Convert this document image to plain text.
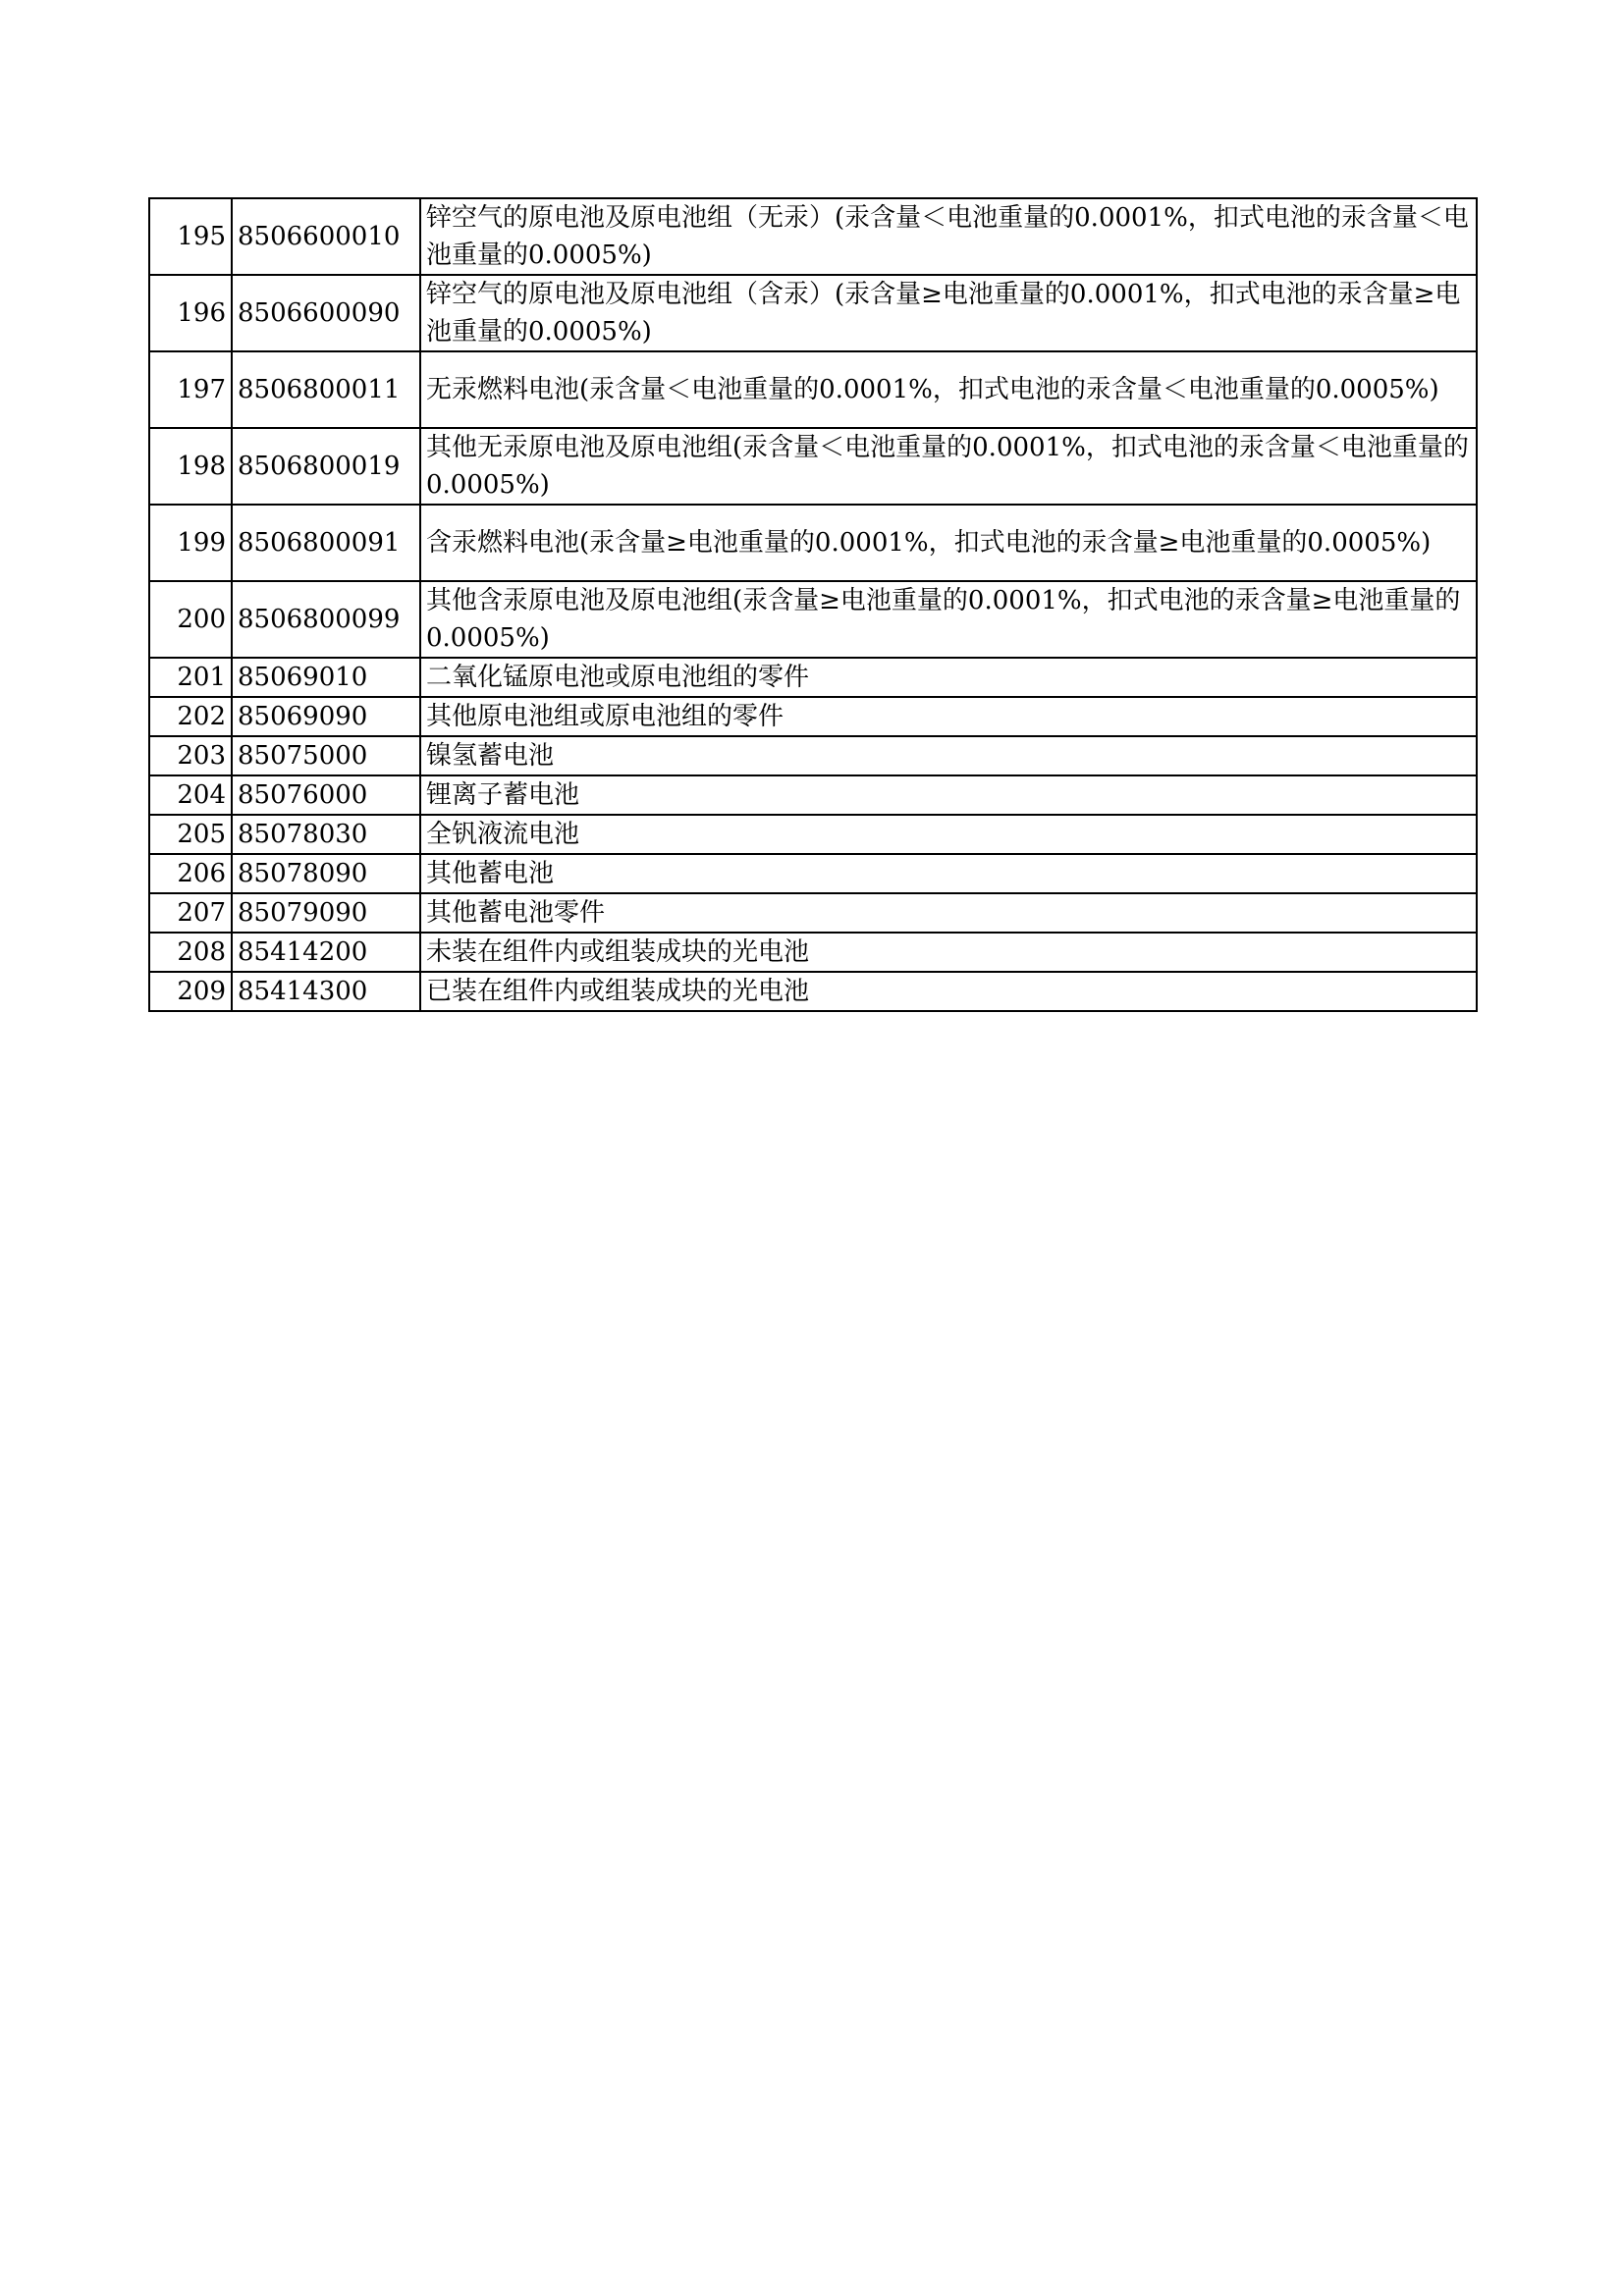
195	8506600010	锌空气的原电池及原电池组（无汞）(汞含量＜电池重量的0.0001%，扣式电池的汞含量＜电池重量的0.0005%)
196	8506600090	锌空气的原电池及原电池组（含汞）(汞含量≥电池重量的0.0001%，扣式电池的汞含量≥电池重量的0.0005%)
197	8506800011	无汞燃料电池(汞含量＜电池重量的0.0001%，扣式电池的汞含量＜电池重量的0.0005%)
198	8506800019	其他无汞原电池及原电池组(汞含量＜电池重量的0.0001%，扣式电池的汞含量＜电池重量的0.0005%)
199	8506800091	含汞燃料电池(汞含量≥电池重量的0.0001%，扣式电池的汞含量≥电池重量的0.0005%)
200	8506800099	其他含汞原电池及原电池组(汞含量≥电池重量的0.0001%，扣式电池的汞含量≥电池重量的0.0005%)
201	85069010	二氧化锰原电池或原电池组的零件
202	85069090	其他原电池组或原电池组的零件
203	85075000	镍氢蓄电池
204	85076000	锂离子蓄电池
205	85078030	全钒液流电池
206	85078090	其他蓄电池
207	85079090	其他蓄电池零件
208	85414200	未装在组件内或组装成块的光电池
209	85414300	已装在组件内或组装成块的光电池
